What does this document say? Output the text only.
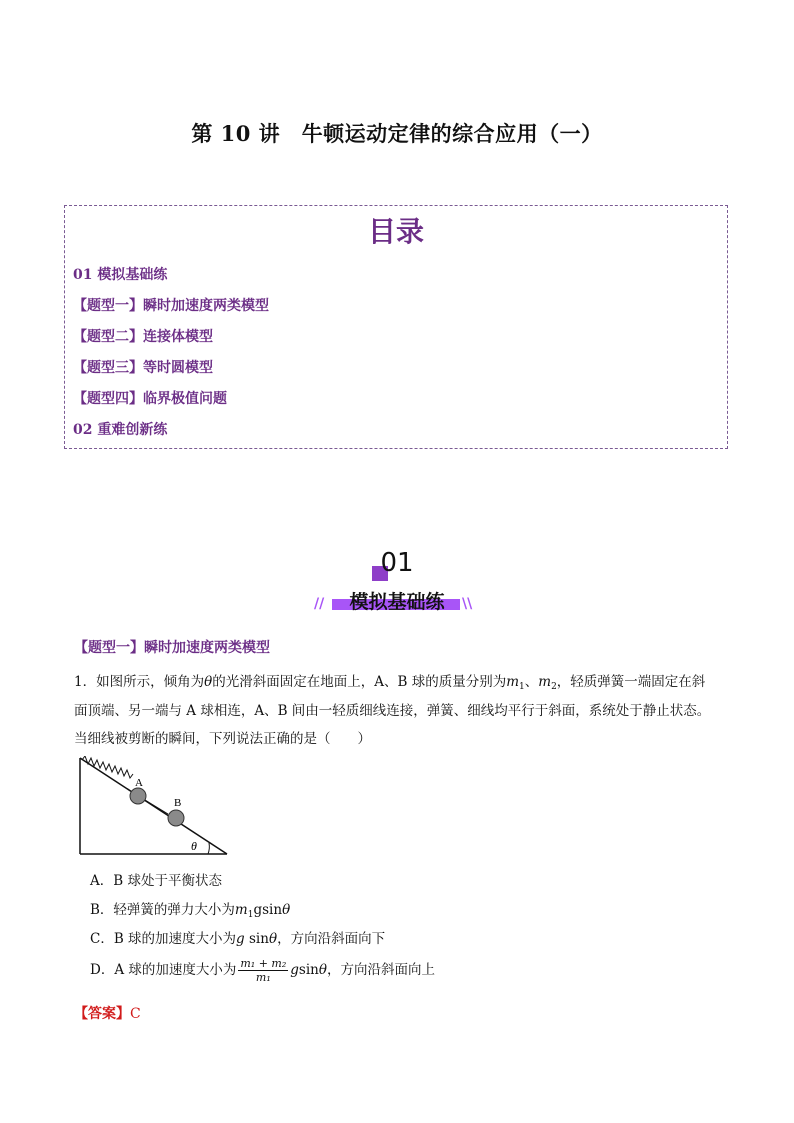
第 10 讲　牛顿运动定律的综合应用（一）
目录
01 模拟基础练
【题型一】瞬时加速度两类模型
【题型二】连接体模型
【题型三】等时圆模型
【题型四】临界极值问题
02 重难创新练
01
模拟基础练
//	\\
【题型一】瞬时加速度两类模型
1．如图所示，倾角为θ的光滑斜面固定在地面上，A、B 球的质量分别为$m_1$、$m_2$，轻质弹簧一端固定在斜
面顶端、另一端与 A 球相连，A、B 间由一轻质细线连接，弹簧、细线均平行于斜面，系统处于静止状态。
当细线被剪断的瞬间，下列说法正确的是（　　）
A
B
θ
A．B 球处于平衡状态
B．轻弹簧的弹力大小为$m_1gsin\theta$
C．B 球的加速度大小为g sinθ，方向沿斜面向下
D．A 球的加速度大小为 $\frac{\text{m₁ + m₂}}{\text{m₁}}$ gsinθ，方向沿斜面向上
【答案】C
